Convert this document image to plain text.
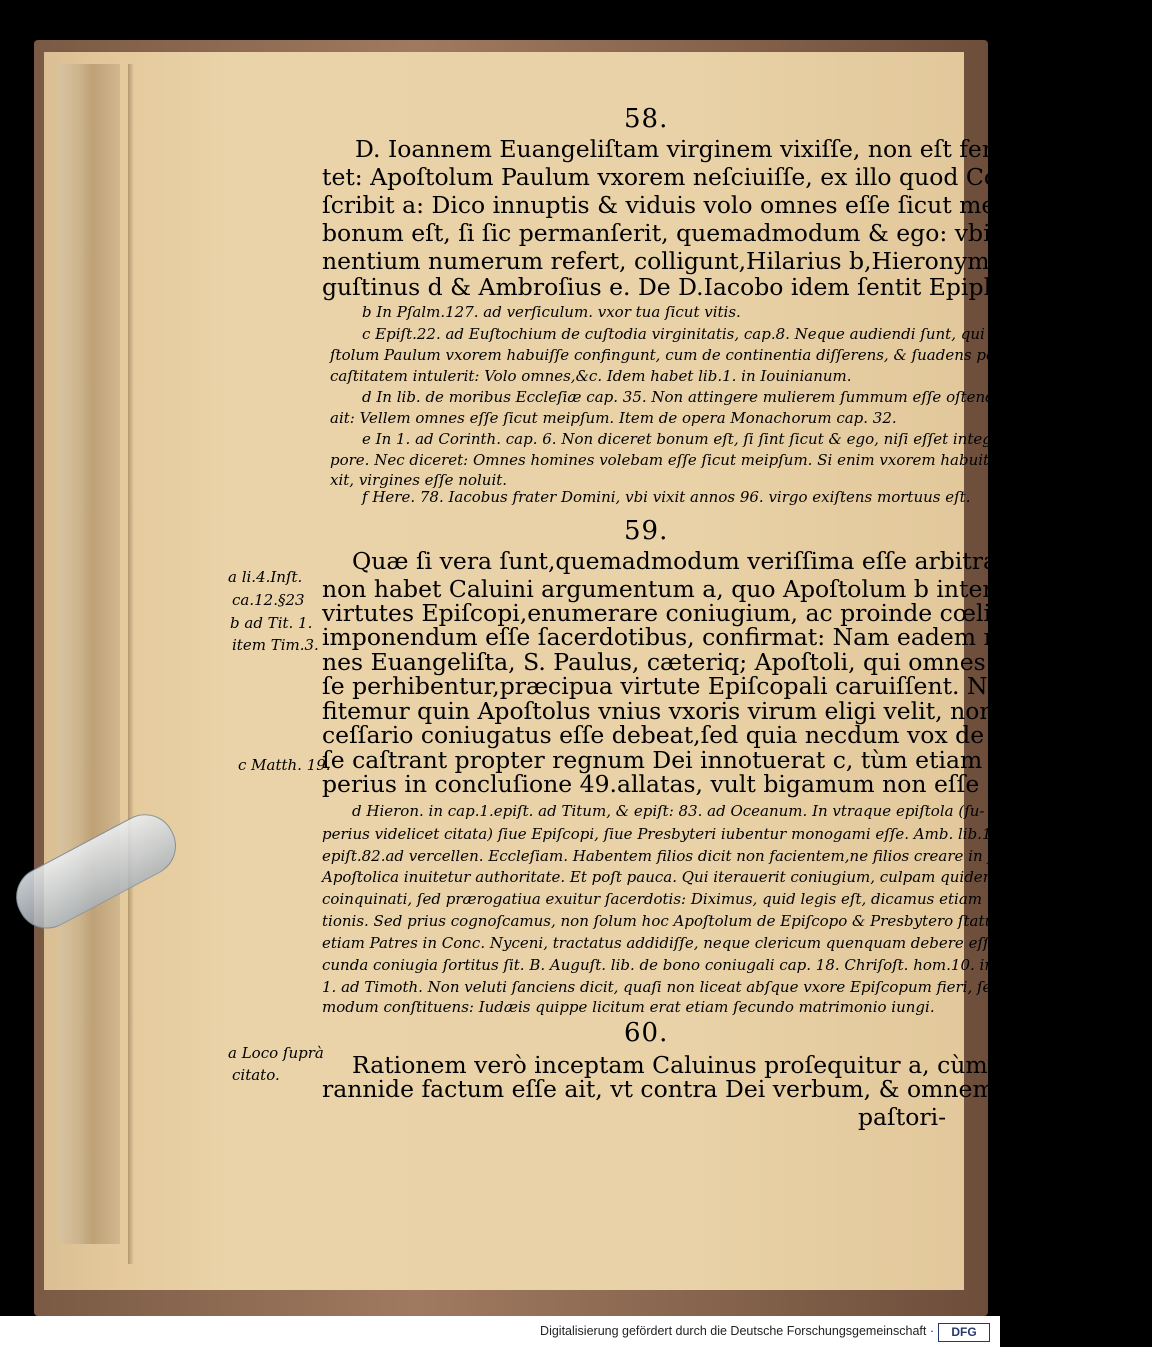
58.
D. Ioannem Euangeliſtam virginem vixiſſe, non eſt ferè qui dubi-
tet: Apoſtolum Paulum vxorem neſciuiſſe, ex illo quod Corinthiis
ſcribit a: Dico innuptis & viduis volo omnes eſſe ſicut meipſum.Item
bonum eſt, ſi ſic permanſerit, quemadmodum & ego: vbi ſe in conti-
nentium numerum refert, colligunt,Hilarius b,Hieronymus c,B. Au-
guſtinus d & Ambroſius e. De D.Iacobo idem ſentit Epiphanius.f
b In Pſalm.127. ad verſiculum. vxor tua ſicut vitis.
c Epiſt.22. ad Euſtochium de cuſtodia virginitatis, cap.8. Neque audiendi ſunt, qui Apo-
ſtolum Paulum vxorem habuiſſe confingunt, cum de continentia diſſerens, & ſuadens perpetuam
caſtitatem intulerit: Volo omnes,&c. Idem habet lib.1. in Iouinianum.
d In lib. de moribus Eccleſiæ cap. 35. Non attingere mulierem ſummum eſſe oſtendit, cum
ait: Vellem omnes eſſe ſicut meipſum. Item de opera Monachorum cap. 32.
e In 1. ad Corinth. cap. 6. Non diceret bonum eſt, ſi ſint ſicut & ego, niſi eſſet integer cor-
pore. Nec diceret: Omnes homines volebam eſſe ſicut meipſum. Si enim vxorem habuit, & hoc di-
xit, virgines eſſe noluit.
f Here. 78. Iacobus frater Domini, vbi vixit annos 96. virgo exiſtens mortuus eſt.
59.
Quæ ſi vera ſunt,quemadmodum veriſſima eſſe arbitramur,locum
non habet Caluini argumentum a, quo Apoſtolum b inter præcipuas
virtutes Epiſcopi,enumerare coniugium, ac proinde cœlibatum non
imponendum eſſe ſacerdotibus, confirmat: Nam eadem ratione Ioan-
nes Euangeliſta, S. Paulus, cæteriq; Apoſtoli, qui omnes Epiſcopi fuiſ-
ſe perhibentur,præcipua virtute Epiſcopali caruiſſent. Nec tamen dif-
fitemur quin Apoſtolus vnius vxoris virum eligi velit, non quod ne-
ceſſario coniugatus eſſe debeat,ſed quia necdum vox de Eunuchis,qui
ſe caſtrant propter regnum Dei innotuerat c, tùm etiam ob cauſas ſtu-
perius in concluſione 49.allatas, vult bigamum non eſſe aſſumendû.d
a li.4.Inſt.
ca.12.§23
b ad Tit. 1.
item Tim.3.
c Matth. 19.
d Hieron. in cap.1.epiſt. ad Titum, & epiſt: 83. ad Oceanum. In vtraque epiſtola (ſu-
perius videlicet citata) ſiue Epiſcopi, ſiue Presbyteri iubentur monogami eſſe. Amb. lib.10.
epiſt.82.ad vercellen. Eccleſiam. Habentem filios dicit non facientem,ne filios creare in ſacerdotio
Apoſtolica inuitetur authoritate. Et poſt pauca. Qui iterauerit coniugium, culpam quidem nô habet
coinquinati, ſed prærogatiua exuitur ſacerdotis: Diximus, quid legis eſt, dicamus etiam quid ra-
tionis. Sed prius cognoſcamus, non ſolum hoc Apoſtolum de Epiſcopo & Presbytero ſtatuiſſe, ſed
etiam Patres in Conc. Nyceni, tractatus addidiſſe, neque clericum quenquam debere eſſe, qui ſe-
cunda coniugia ſortitus ſit. B. Auguſt. lib. de bono coniugali cap. 18. Chriſoſt. hom.10. in 3.cap.
1. ad Timoth. Non veluti ſanciens dicit, quaſi non liceat abſque vxore Epiſcopum fieri, ſed eius rei
modum conſtituens: Iudæis quippe licitum erat etiam ſecundo matrimonio iungi.
60.
Rationem verò inceptam Caluinus proſequitur a, cùm impia ty-
rannide factum eſſe ait, vt contra Dei verbum, & omnem æquitatem
paſtori-
a Loco ſuprà
citato.
Digitalisierung gefördert durch die Deutsche Forschungsgemeinschaft ·	DFG
